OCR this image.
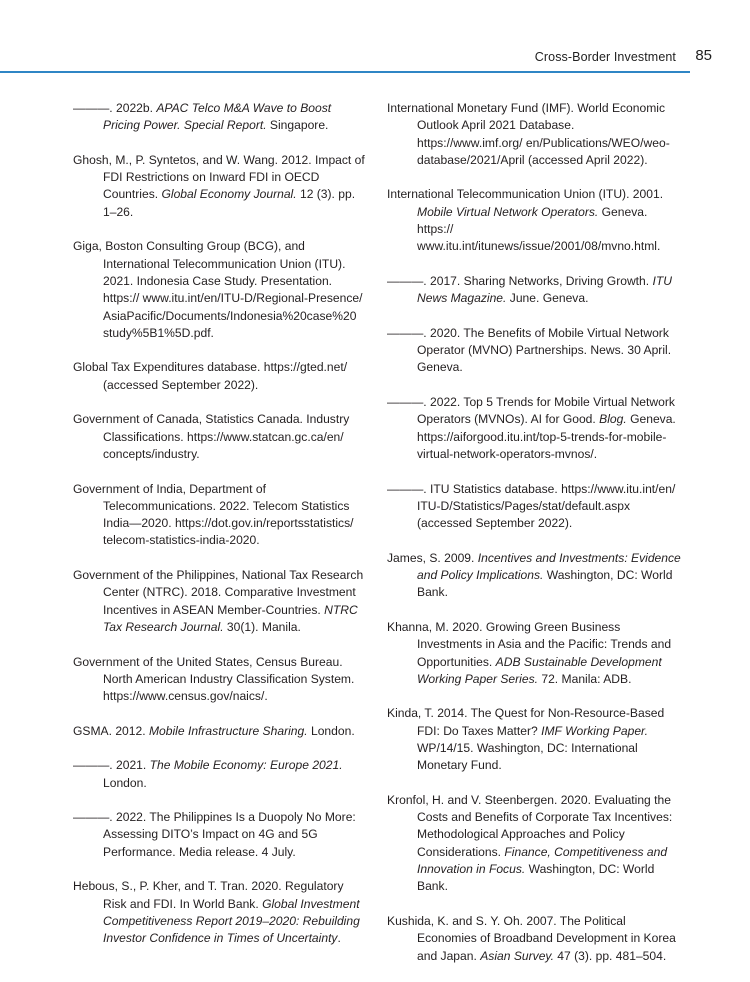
Cross-Border Investment 85

———. 2022b. APAC Telco M&A Wave to Boost Pricing Power. Special Report. Singapore.

Ghosh, M., P. Syntetos, and W. Wang. 2012. Impact of FDI Restrictions on Inward FDI in OECD Countries. Global Economy Journal. 12 (3). pp. 1–26.

Giga, Boston Consulting Group (BCG), and International Telecommunication Union (ITU). 2021. Indonesia Case Study. Presentation. https:// www.itu.int/en/ITU-D/Regional-Presence/ AsiaPacific/Documents/Indonesia%20case%20 study%5B1%5D.pdf.

Global Tax Expenditures database. https://gted.net/ (accessed September 2022).

Government of Canada, Statistics Canada. Industry Classifications. https://www.statcan.gc.ca/en/ concepts/industry.

Government of India, Department of Telecommunications. 2022. Telecom Statistics India—2020. https://dot.gov.in/reportsstatistics/ telecom-statistics-india-2020.

Government of the Philippines, National Tax Research Center (NTRC). 2018. Comparative Investment Incentives in ASEAN Member-Countries. NTRC Tax Research Journal. 30(1). Manila.

Government of the United States, Census Bureau. North American Industry Classification System. https://www.census.gov/naics/.

GSMA. 2012. Mobile Infrastructure Sharing. London.

———. 2021. The Mobile Economy: Europe 2021. London.

———. 2022. The Philippines Is a Duopoly No More: Assessing DITO’s Impact on 4G and 5G Performance. Media release. 4 July.

Hebous, S., P. Kher, and T. Tran. 2020. Regulatory Risk and FDI. In World Bank. Global Investment Competitiveness Report 2019–2020: Rebuilding Investor Confidence in Times of Uncertainty.

International Monetary Fund (IMF). World Economic Outlook April 2021 Database. https://www.imf.org/ en/Publications/WEO/weo-database/2021/April (accessed April 2022).

International Telecommunication Union (ITU). 2001. Mobile Virtual Network Operators. Geneva. https:// www.itu.int/itunews/issue/2001/08/mvno.html.

———. 2017. Sharing Networks, Driving Growth. ITU News Magazine. June. Geneva.

———. 2020. The Benefits of Mobile Virtual Network Operator (MVNO) Partnerships. News. 30 April. Geneva.

———. 2022. Top 5 Trends for Mobile Virtual Network Operators (MVNOs). AI for Good. Blog. Geneva. https://aiforgood.itu.int/top-5-trends-for-mobile- virtual-network-operators-mvnos/.

———. ITU Statistics database. https://www.itu.int/en/ ITU-D/Statistics/Pages/stat/default.aspx (accessed September 2022).

James, S. 2009. Incentives and Investments: Evidence and Policy Implications. Washington, DC: World Bank.

Khanna, M. 2020. Growing Green Business Investments in Asia and the Pacific: Trends and Opportunities. ADB Sustainable Development Working Paper Series. 72. Manila: ADB.

Kinda, T. 2014. The Quest for Non-Resource-Based FDI: Do Taxes Matter? IMF Working Paper. WP/14/15. Washington, DC: International Monetary Fund.

Kronfol, H. and V. Steenbergen. 2020. Evaluating the Costs and Benefits of Corporate Tax Incentives: Methodological Approaches and Policy Considerations. Finance, Competitiveness and Innovation in Focus. Washington, DC: World Bank.

Kushida, K. and S. Y. Oh. 2007. The Political Economies of Broadband Development in Korea and Japan. Asian Survey. 47 (3). pp. 481–504.
